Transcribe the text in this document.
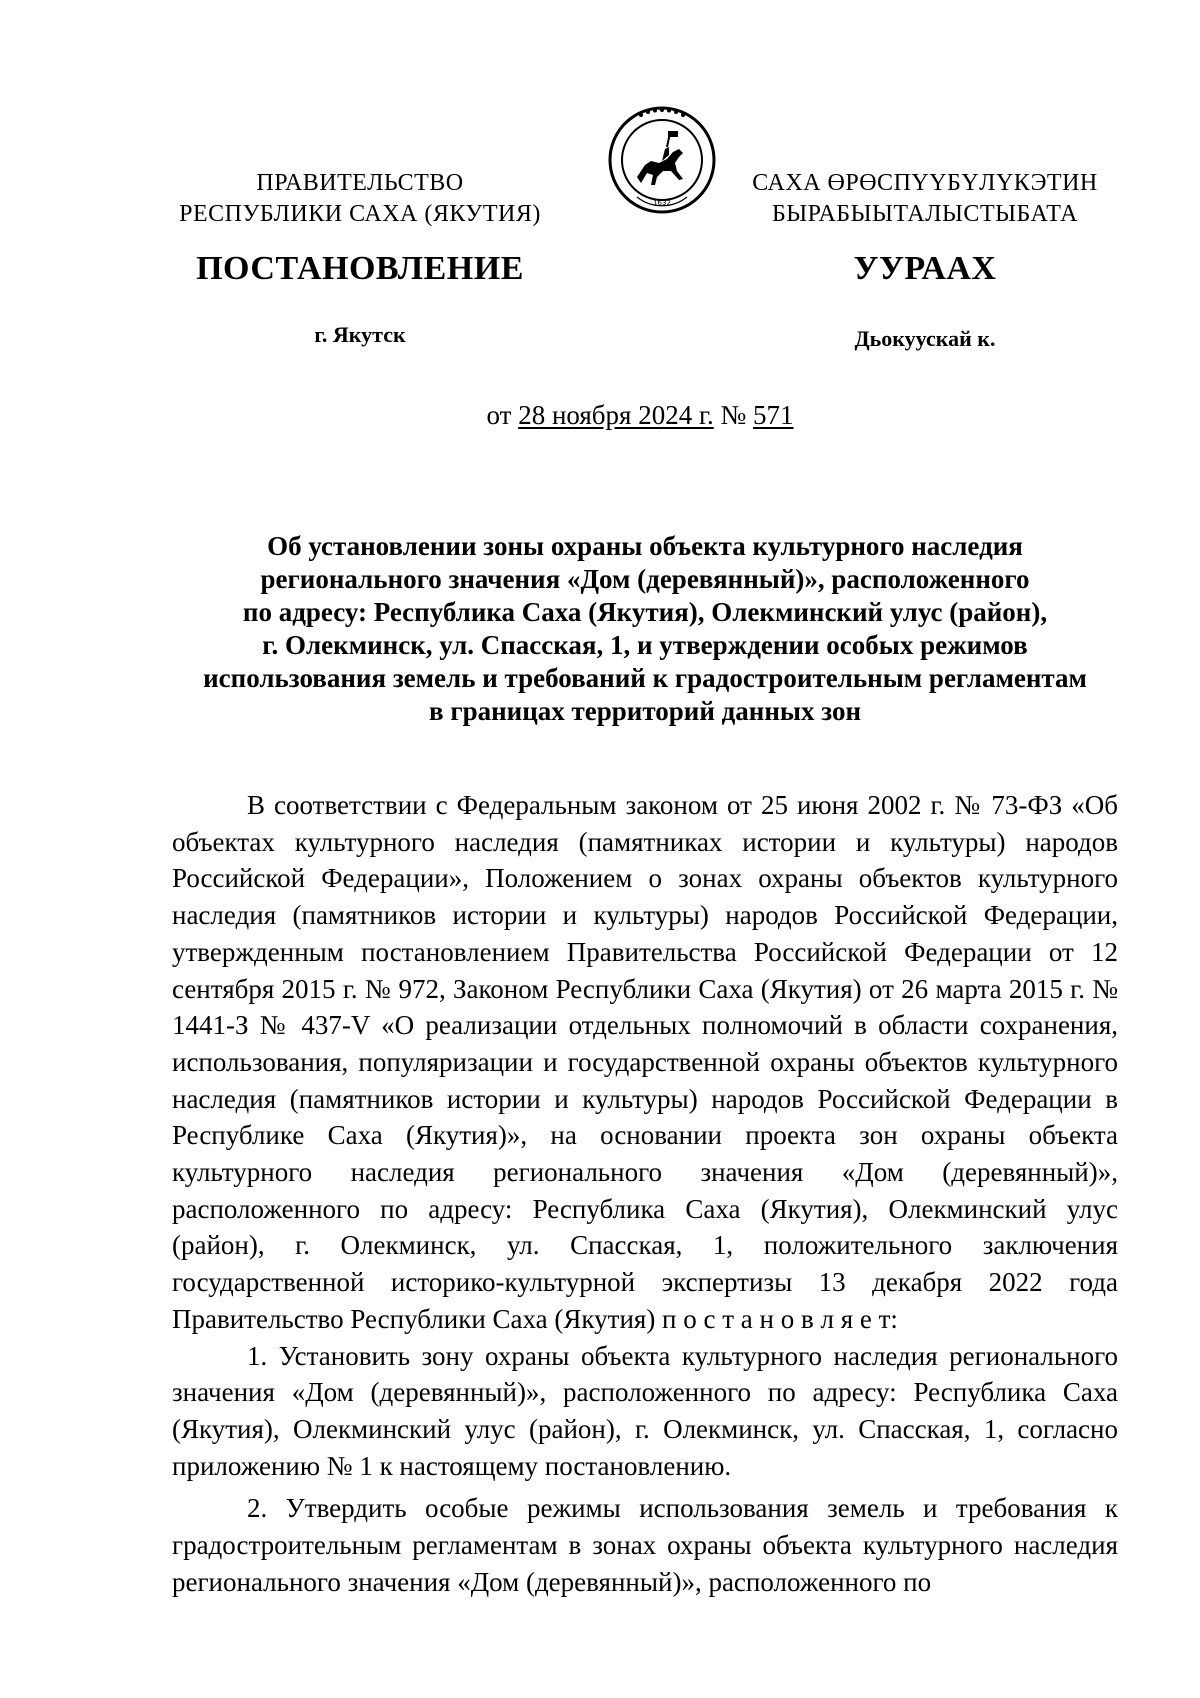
ПРАВИТЕЛЬСТВО
РЕСПУБЛИКИ САХА (ЯКУТИЯ)	1632
САХА ӨРӨСПҮҮБҮЛҮКЭТИН
БЫРАБЫЫТАЛЫСТЫБАТА
ПОСТАНОВЛЕНИЕ	УУРААХ
г. Якутск	Дьокуускай к.
от 28 ноября 2024 г. № 571
Об установлении зоны охраны объекта культурного наследия
регионального значения «Дом (деревянный)», расположенного
по адресу: Республика Саха (Якутия), Олекминский улус (район),
г. Олекминск, ул. Спасская, 1, и утверждении особых режимов
использования земель и требований к градостроительным регламентам
в границах территорий данных зон

В соответствии с Федеральным законом от 25 июня 2002 г. № 73-ФЗ «Об объектах культурного наследия (памятниках истории и культуры) народов Российской Федерации», Положением о зонах охраны объектов культурного наследия (памятников истории и культуры) народов Российской Федерации, утвержденным постановлением Правительства Российской Федерации от 12 сентября 2015 г. № 972, Законом Республики Саха (Якутия) от 26 марта 2015 г. № 1441-З № 437-V «О реализации отдельных полномочий в области сохранения, использования, популяризации и государственной охраны объектов культурного наследия (памятников истории и культуры) народов Российской Федерации в Республике Саха (Якутия)», на основании проекта зон охраны объекта культурного наследия регионального значения «Дом (деревянный)», расположенного по адресу: Республика Саха (Якутия), Олекминский улус (район), г. Олекминск, ул. Спасская, 1, положительного заключения государственной историко-культурной экспертизы 13 декабря 2022 года Правительство Республики Саха (Якутия) п о с т а н о в л я е т:

1. Установить зону охраны объекта культурного наследия регионального значения «Дом (деревянный)», расположенного по адресу: Республика Саха (Якутия), Олекминский улус (район), г. Олекминск, ул. Спасская, 1, согласно приложению № 1 к настоящему постановлению.

2. Утвердить особые режимы использования земель и требования к градостроительным регламентам в зонах охраны объекта культурного наследия регионального значения «Дом (деревянный)», расположенного по
